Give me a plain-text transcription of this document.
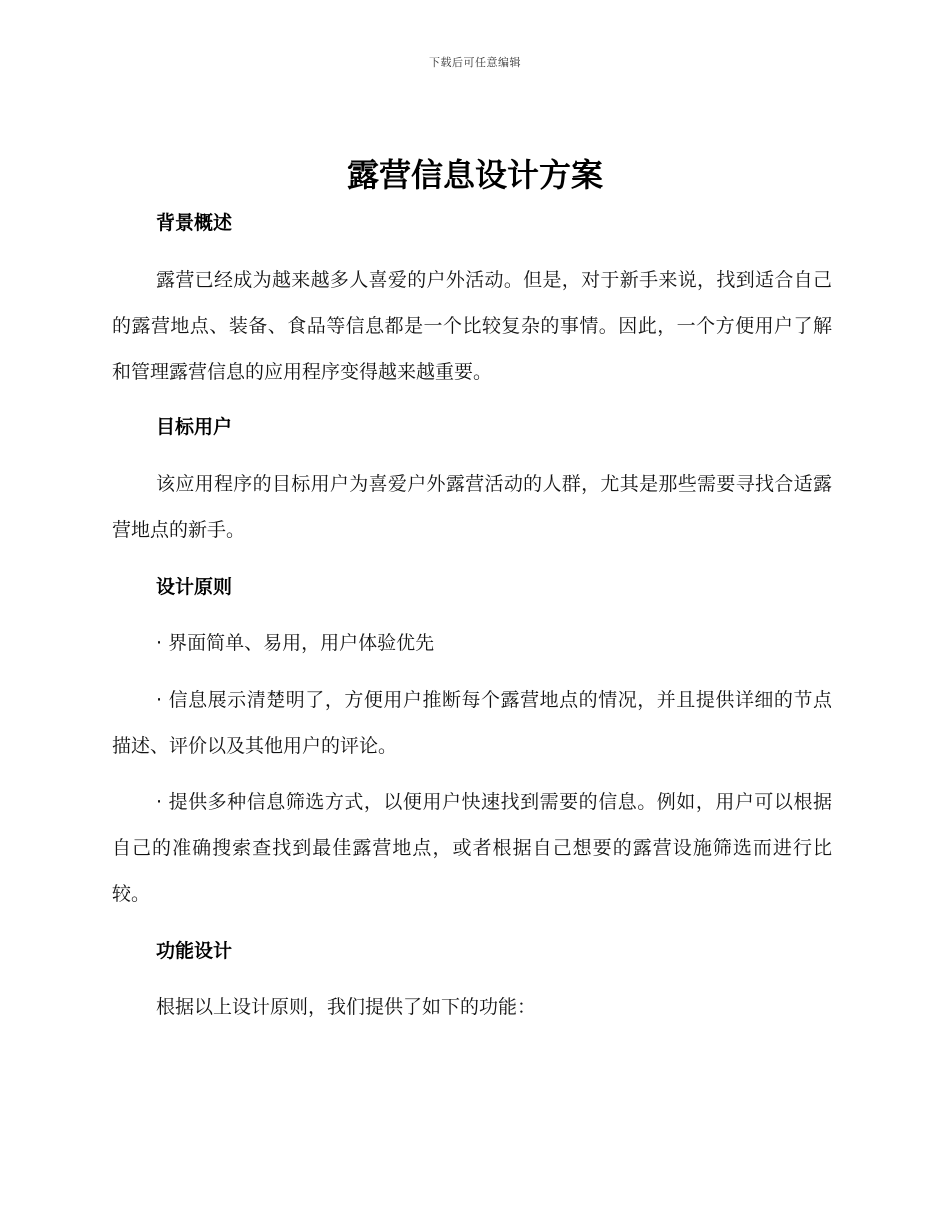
下载后可任意编辑
露营信息设计方案
背景概述

露营已经成为越来越多人喜爱的户外活动。但是，对于新手来说，找到适合自己的露营地点、装备、食品等信息都是一个比较复杂的事情。因此，一个方便用户了解和管理露营信息的应用程序变得越来越重要。

目标用户

该应用程序的目标用户为喜爱户外露营活动的人群，尤其是那些需要寻找合适露营地点的新手。

设计原则

· 界面简单、易用，用户体验优先

· 信息展示清楚明了，方便用户推断每个露营地点的情况，并且提供详细的节点描述、评价以及其他用户的评论。

· 提供多种信息筛选方式，以便用户快速找到需要的信息。例如，用户可以根据自己的准确搜索查找到最佳露营地点，或者根据自己想要的露营设施筛选而进行比较。

功能设计

根据以上设计原则，我们提供了如下的功能：
